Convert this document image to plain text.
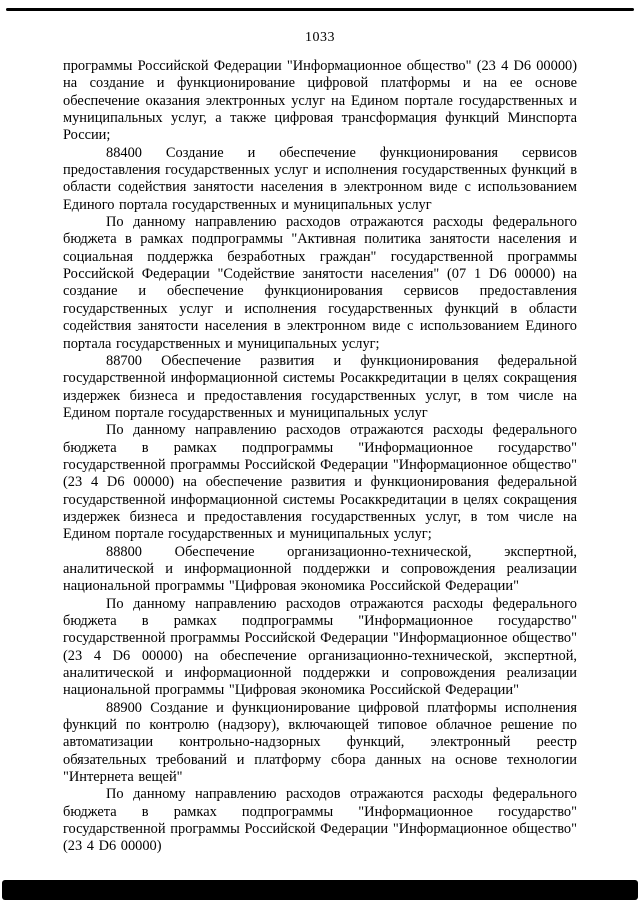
1033

программы Российской Федерации "Информационное общество" (23 4 D6 00000) на создание и функционирование цифровой платформы и на ее основе обеспечение оказания электронных услуг на Едином портале государственных и муниципальных услуг, а также цифровая трансформация функций Минспорта России;

88400 Создание и обеспечение функционирования сервисов предоставления государственных услуг и исполнения государственных функций в области содействия занятости населения в электронном виде с использованием Единого портала государственных и муниципальных услуг

По данному направлению расходов отражаются расходы федерального бюджета в рамках подпрограммы "Активная политика занятости населения и социальная поддержка безработных граждан" государственной программы Российской Федерации "Содействие занятости населения" (07 1 D6 00000) на создание и обеспечение функционирования сервисов предоставления государственных услуг и исполнения государственных функций в области содействия занятости населения в электронном виде с использованием Единого портала государственных и муниципальных услуг;

88700 Обеспечение развития и функционирования федеральной государственной информационной системы Росаккредитации в целях сокращения издержек бизнеса и предоставления государственных услуг, в том числе на Едином портале государственных и муниципальных услуг

По данному направлению расходов отражаются расходы федерального бюджета в рамках подпрограммы "Информационное государство" государственной программы Российской Федерации "Информационное общество" (23 4 D6 00000) на обеспечение развития и функционирования федеральной государственной информационной системы Росаккредитации в целях сокращения издержек бизнеса и предоставления государственных услуг, в том числе на Едином портале государственных и муниципальных услуг;

88800 Обеспечение организационно-технической, экспертной, аналитической и информационной поддержки и сопровождения реализации национальной программы "Цифровая экономика Российской Федерации"

По данному направлению расходов отражаются расходы федерального бюджета в рамках подпрограммы "Информационное государство" государственной программы Российской Федерации "Информационное общество" (23 4 D6 00000) на обеспечение организационно-технической, экспертной, аналитической и информационной поддержки и сопровождения реализации национальной программы "Цифровая экономика Российской Федерации"

88900 Создание и функционирование цифровой платформы исполнения функций по контролю (надзору), включающей типовое облачное решение по автоматизации контрольно-надзорных функций, электронный реестр обязательных требований и платформу сбора данных на основе технологии "Интернета вещей"

По данному направлению расходов отражаются расходы федерального бюджета в рамках подпрограммы "Информационное государство" государственной программы Российской Федерации "Информационное общество" (23 4 D6 00000)
